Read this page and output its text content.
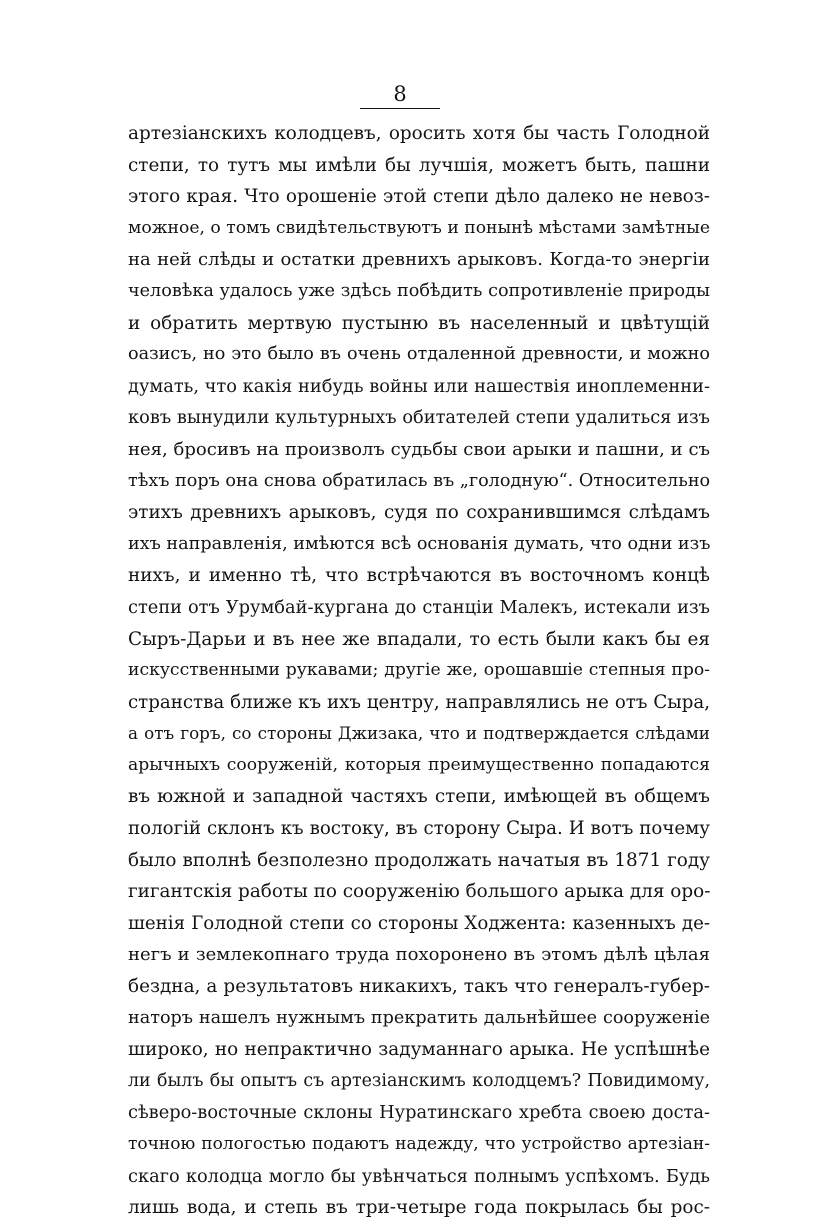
8
артезіанскихъ колодцевъ, оросить хотя бы часть Голодной
степи, то тутъ мы имѣли бы лучшія, можетъ быть, пашни
этого края. Что орошеніе этой степи дѣло далеко не невоз-
можное, о томъ свидѣтельствуютъ и понынѣ мѣстами замѣтные
на ней слѣды и остатки древнихъ арыковъ. Когда-то энергіи
человѣка удалось уже здѣсь побѣдить сопротивленіе природы
и обратить мертвую пустыню въ населенный и цвѣтущій
оазисъ, но это было въ очень отдаленной древности, и можно
думать, что какія нибудь войны или нашествія иноплеменни-
ковъ вынудили культурныхъ обитателей степи удалиться изъ
нея, бросивъ на произволъ судьбы свои арыки и пашни, и съ
тѣхъ поръ она снова обратилась въ „голодную“. Относительно
этихъ древнихъ арыковъ, судя по сохранившимся слѣдамъ
ихъ направленія, имѣются всѣ основанія думать, что одни изъ
нихъ, и именно тѣ, что встрѣчаются въ восточномъ концѣ
степи отъ Урумбай-кургана до станціи Малекъ, истекали изъ
Сыръ-Дарьи и въ нее же впадали, то есть были какъ бы ея
искусственными рукавами; другіе же, орошавшіе степныя про-
странства ближе къ ихъ центру, направлялись не отъ Сыра,
а отъ горъ, со стороны Джизака, что и подтверждается слѣдами
арычныхъ сооруженій, которыя преимущественно попадаются
въ южной и западной частяхъ степи, имѣющей въ общемъ
пологій склонъ къ востоку, въ сторону Сыра. И вотъ почему
было вполнѣ безполезно продолжать начатыя въ 1871 году
гигантскія работы по сооруженію большого арыка для оро-
шенія Голодной степи со стороны Ходжента: казенныхъ де-
негъ и землекопнаго труда похоронено въ этомъ дѣлѣ цѣлая
бездна, а результатовъ никакихъ, такъ что генералъ-губер-
наторъ нашелъ нужнымъ прекратить дальнѣйшее сооруженіе
широко, но непрактично задуманнаго арыка. Не успѣшнѣе
ли былъ бы опытъ съ артезіанскимъ колодцемъ? Повидимому,
сѣверо-восточные склоны Нуратинскаго хребта своею доста-
точною пологостью подаютъ надежду, что устройство артезіан-
скаго колодца могло бы увѣнчаться полнымъ успѣхомъ. Будь
лишь вода, и степь въ три-четыре года покрылась бы рос-
